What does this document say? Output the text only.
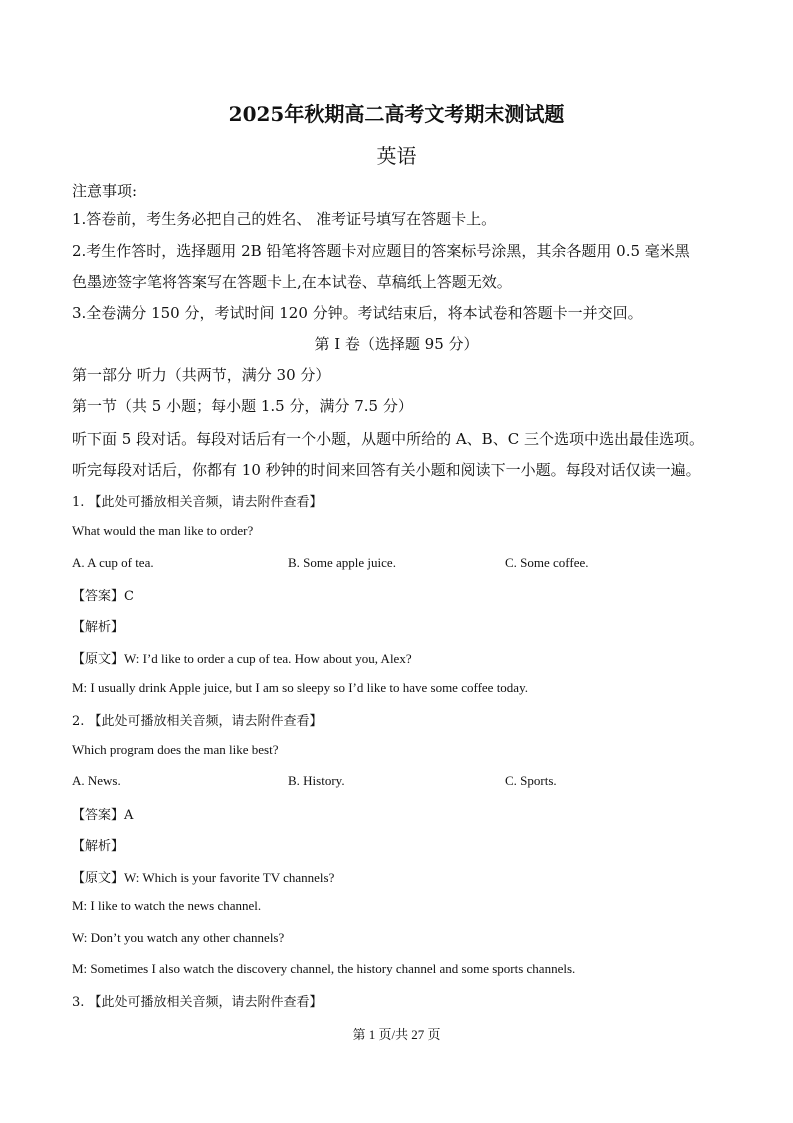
2025年秋期高二高考文考期末测试题
英语
注意事项:
1.答卷前，考生务必把自己的姓名、 准考证号填写在答题卡上。
2.考生作答时，选择题用 2B 铅笔将答题卡对应题目的答案标号涂黑，其余各题用 0.5 毫米黑
色墨迹签字笔将答案写在答题卡上,在本试卷、草稿纸上答题无效。
3.全卷满分 150 分，考试时间 120 分钟。考试结束后，将本试卷和答题卡一并交回。
第 I 卷（选择题 95 分）
第一部分 听力（共两节，满分 30 分）
第一节（共 5 小题；每小题 1.5 分，满分 7.5 分）
听下面 5 段对话。每段对话后有一个小题，从题中所给的 A、B、C 三个选项中选出最佳选项。
听完每段对话后，你都有 10 秒钟的时间来回答有关小题和阅读下一小题。每段对话仅读一遍。
1. 【此处可播放相关音频，请去附件查看】
What would the man like to order?
A. A cup of tea.	B. Some apple juice.	C. Some coffee.
【答案】C
【解析】
【原文】W: I’d like to order a cup of tea. How about you, Alex?
M: I usually drink Apple juice, but I am so sleepy so I’d like to have some coffee today.
2. 【此处可播放相关音频，请去附件查看】
Which program does the man like best?
A. News.	B. History.	C. Sports.
【答案】A
【解析】
【原文】W: Which is your favorite TV channels?
M: I like to watch the news channel.
W: Don’t you watch any other channels?
M: Sometimes I also watch the discovery channel, the history channel and some sports channels.
3. 【此处可播放相关音频，请去附件查看】
第 1 页/共 27 页
